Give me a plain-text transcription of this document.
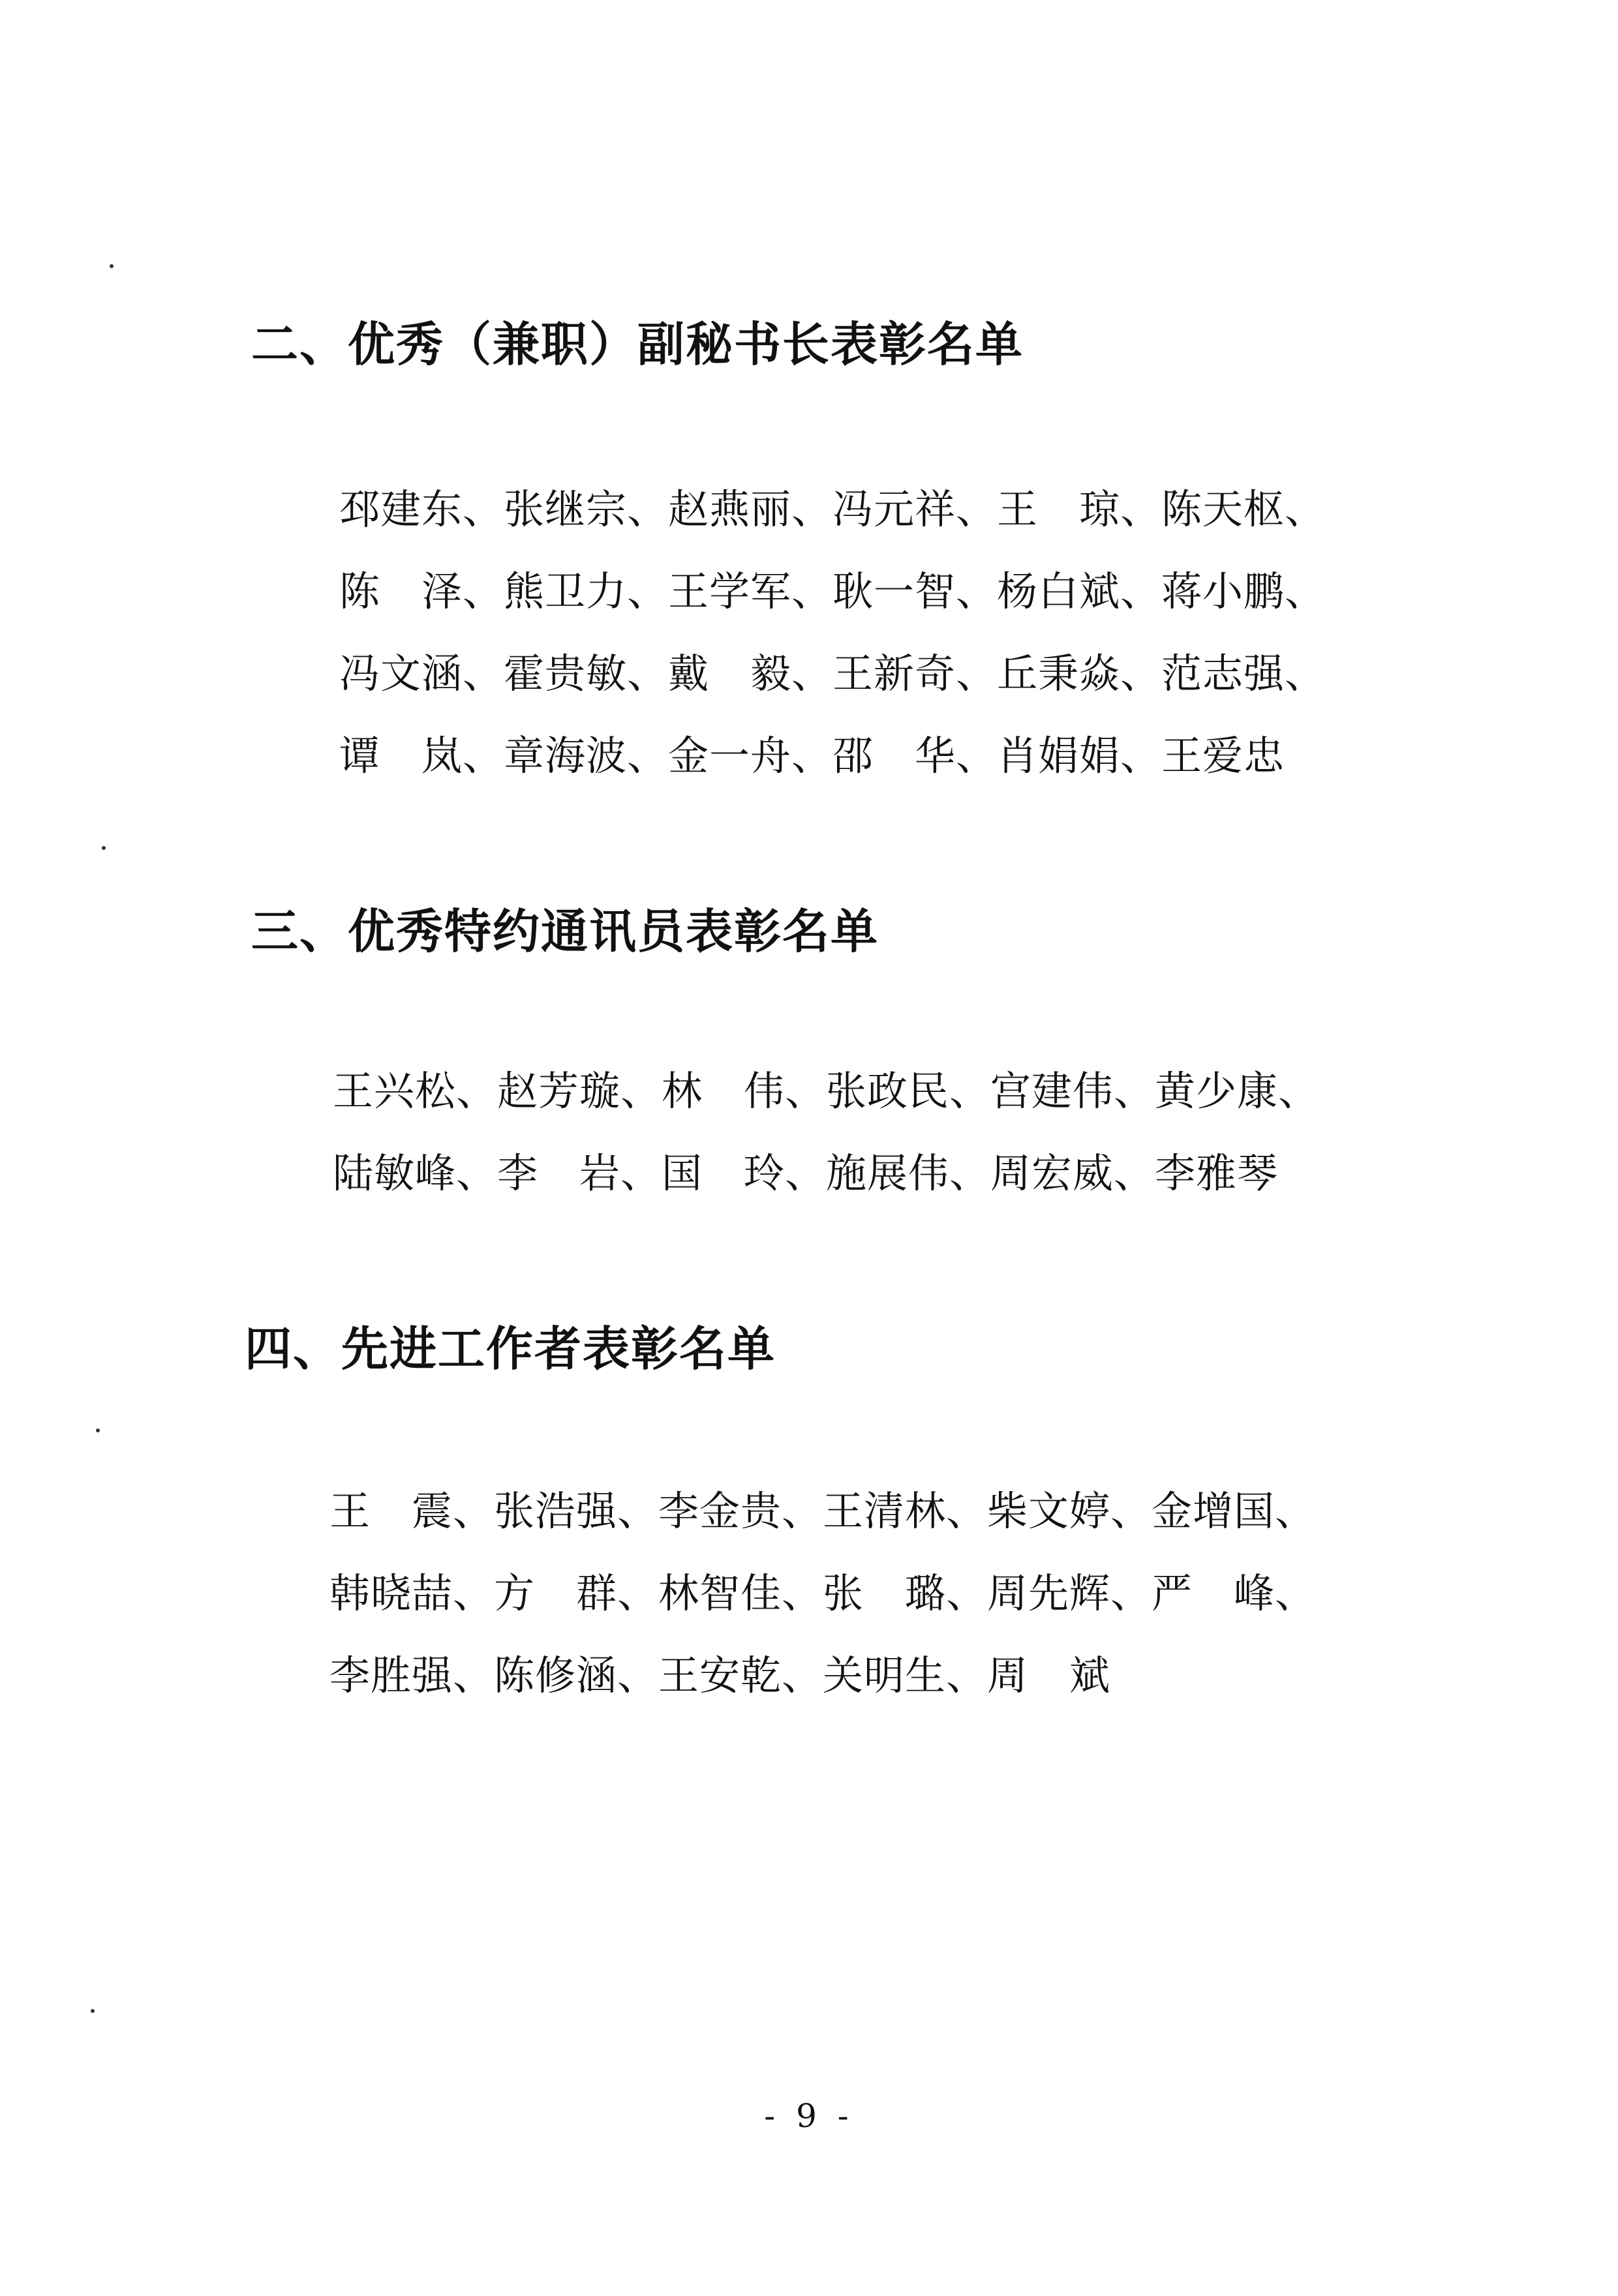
二、优秀（兼职）副秘书长表彰名单
邳建东、张继宗、赵燕丽、冯元祥、王　琼、陈天枢、
陈　泽、熊卫力、王学军、耿一智、杨白斌、蒋小鹏、
冯文涵、霍贵敏、戴　毅、王新奇、丘秉焱、范志强、
谭　岚、章海波、金一舟、邵　华、肖娟娟、王爱忠
三、优秀特约通讯员表彰名单
王兴松、赵芳璇、林　伟、张政民、宫建伟、黄少康、
陆敏峰、李　岩、国　玲、施展伟、周宏威、李雅琴
四、先进工作者表彰名单
王　震、张浩强、李金贵、王清林、柴文婷、金增国、
韩晓喆、方　群、林智佳、张　璐、周先辉、严　峰、
李胜强、陈修涵、王安乾、关明生、周　斌
- 9 -
